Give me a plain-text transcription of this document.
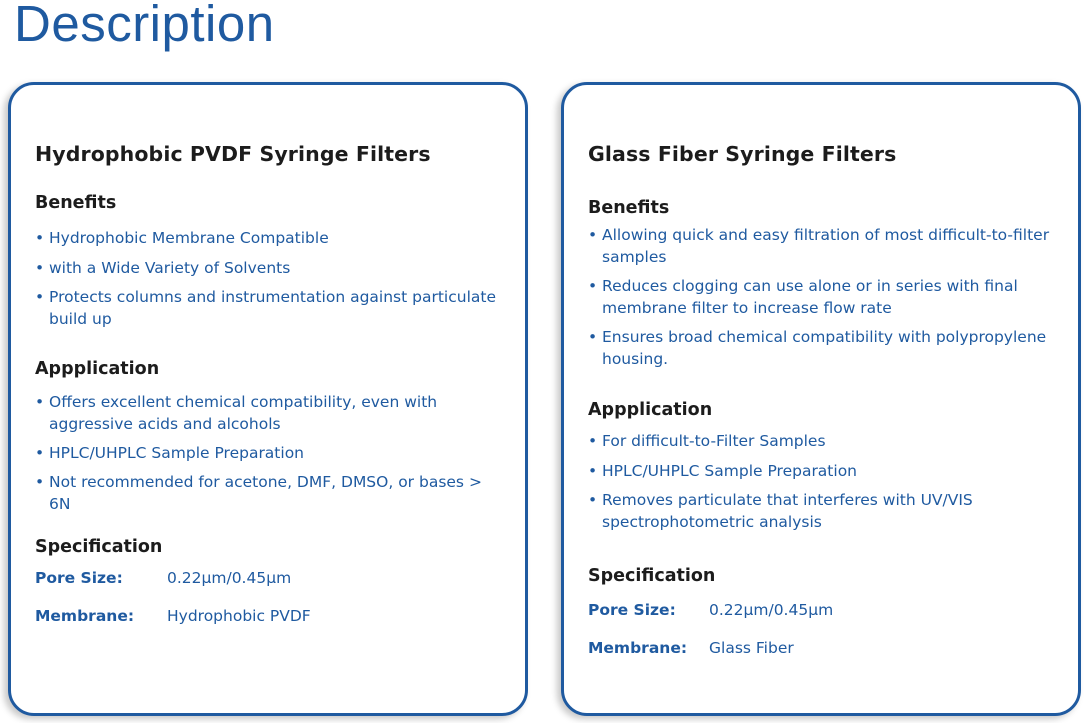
Description
Hydrophobic PVDF Syringe Filters
Benefits
• Hydrophobic Membrane Compatible
• with a Wide Variety of Solvents
• Protects columns and instrumentation against particulate build up
Appplication
• Offers excellent chemical compatibility, even with aggressive acids and alcohols
• HPLC/UHPLC Sample Preparation
• Not recommended for acetone, DMF, DMSO, or bases > 6N
Specification
Pore Size:	0.22μm/0.45μm
Membrane: Hydrophobic PVDF
Glass Fiber Syringe Filters
Benefits
• Allowing quick and easy filtration of most difficult-to-filter samples
• Reduces clogging can use alone or in series with final membrane filter to increase flow rate
• Ensures broad chemical compatibility with polypropylene housing.
Appplication
• For difficult-to-Filter Samples
• HPLC/UHPLC Sample Preparation
• Removes particulate that interferes with UV/VIS spectrophotometric analysis
Specification
Pore Size: 0.22μm/0.45μm
Membrane: Glass Fiber
